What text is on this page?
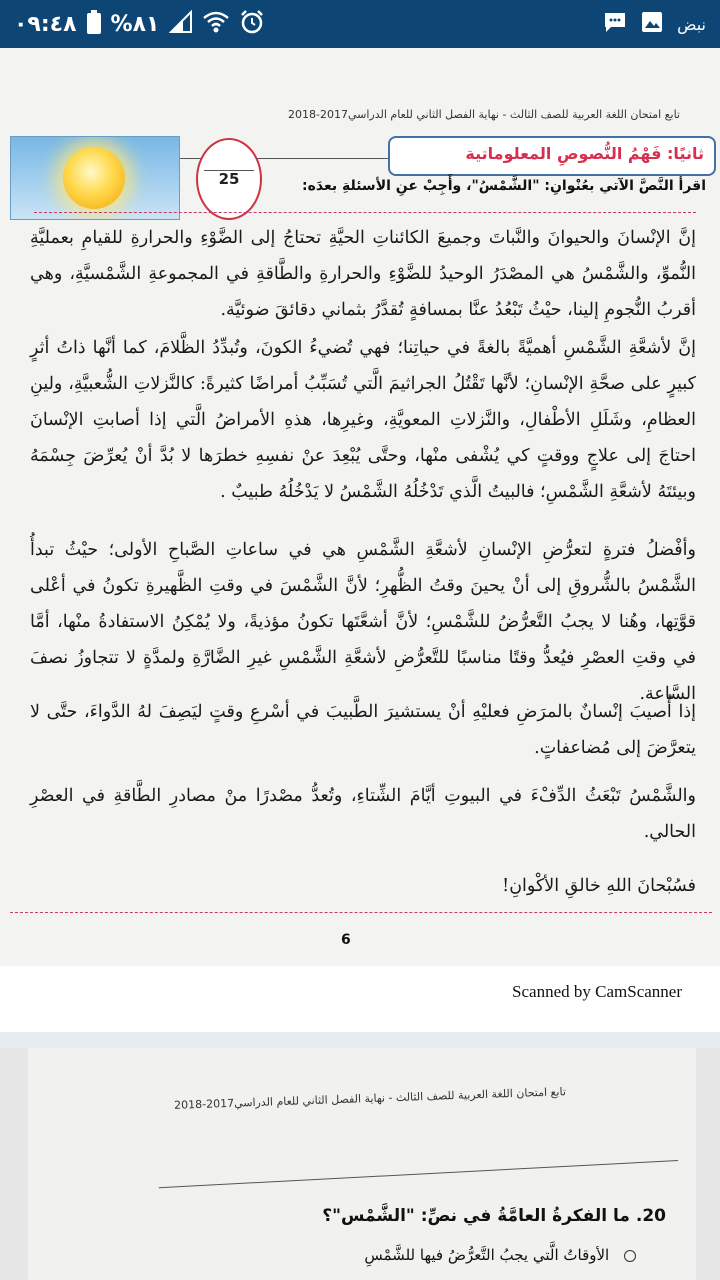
٠٩:٤٨ %٨١	نبض
تابع امتحان اللغة العربية للصف الثالث - نهاية الفصل الثاني للعام الدراسي2017-2018
25
ثانيًا: فَهْمُ النُّصوصِ المعلوماتية
اقرأ النَّصَّ الآتي بعُنْوانِ: "الشَّمْسُ"، وأَجِبْ عنِ الأسئلةِ بعدَه:
إنَّ الإنْسانَ والحيوانَ والنَّباتَ وجميعَ الكائناتِ الحيَّةِ تحتاجُ إلى الضَّوْءِ والحرارةِ للقيامِ بعمليَّةِ النُّموِّ، والشَّمْسُ هي المصْدَرُ الوحيدُ للضَّوْءِ والحرارةِ والطَّاقةِ في المجموعةِ الشَّمْسيَّةِ، وهي أقربُ النُّجومِ إلينا، حيْثُ تَبْعُدُ عنَّا بمسافةٍ تُقدَّرُ بثماني دقائقَ ضوئيَّة.
إنَّ لأشعَّةِ الشَّمْسِ أهميَّةً بالغةً في حياتِنا؛ فهي تُضيءُ الكونَ، وتُبدِّدُ الظَّلامَ، كما أنَّها ذاتُ أثرٍ كبيرٍ على صحَّةِ الإنْسانِ؛ لأنَّها تَقْتُلُ الجراثيمَ الَّتي تُسَبِّبُ أمراضًا كثيرةً: كالنَّزلاتِ الشُّعبيَّةِ، ولينِ العظامِ، وشَلَلِ الأطْفالِ، والنَّزلاتِ المعويَّةِ، وغيرِها، هذهِ الأمراضُ الَّتي إذا أصابتِ الإنْسانَ احتاجَ إلى علاجٍ ووقتٍ كي يُشْفى منْها، وحتَّى يُبْعِدَ عنْ نفسِهِ خطرَها لا بُدَّ أنْ يُعرِّضَ جِسْمَهُ وبيئتَهُ لأشعَّةِ الشَّمْسِ؛ فالبيتُ الَّذي تَدْخُلُهُ الشَّمْسُ لا يَدْخُلُهُ طبيبٌ .
وأفْضلُ فترةٍ لتعرُّضِ الإنْسانِ لأشعَّةِ الشَّمْسِ هي في ساعاتِ الصَّباحِ الأولى؛ حيْثُ تبدأُ الشَّمْسُ بالشُّروقِ إلى أنْ يحينَ وقتُ الظُّهرِ؛ لأنَّ الشَّمْسَ في وقتِ الظَّهيرةِ تكونُ في أعْلى قوَّتِها، وهُنا لا يجبُ التَّعرُّضُ للشَّمْسِ؛ لأنَّ أشعَّتَها تكونُ مؤذيةً، ولا يُمْكِنُ الاستفادةُ منْها، أمَّا في وقتِ العصْرِ فيُعدُّ وقتًا مناسبًا للتَّعرُّضِ لأشعَّةِ الشَّمْسِ غيرِ الضَّارَّةِ ولمدَّةٍ لا تتجاوزُ نصفَ السَّاعة.
إذا أُصيبَ إنْسانٌ بالمرَضِ فعليْهِ أنْ يستشيرَ الطَّبيبَ في أسْرعِ وقتٍ ليَصِفَ لهُ الدَّواءَ، حتَّى لا يتعرَّضَ إلى مُضاعفاتٍ.
والشَّمْسُ تَبْعَثُ الدِّفْءَ في البيوتِ أيَّامَ الشِّتاءِ، وتُعدُّ مصْدرًا منْ مصادرِ الطَّاقةِ في العصْرِ الحالي.
فسُبْحانَ اللهِ خالقِ الأكْوانِ!
6
Scanned by CamScanner
تابع امتحان اللغة العربية للصف الثالث - نهاية الفصل الثاني للعام الدراسي2017-2018
20. ما الفكرةُ العامَّةُ في نصِّ: "الشَّمْس"؟
الأوقاتُ الَّتي يجبُ التَّعرُّضُ فيها للشَّمْسِ
